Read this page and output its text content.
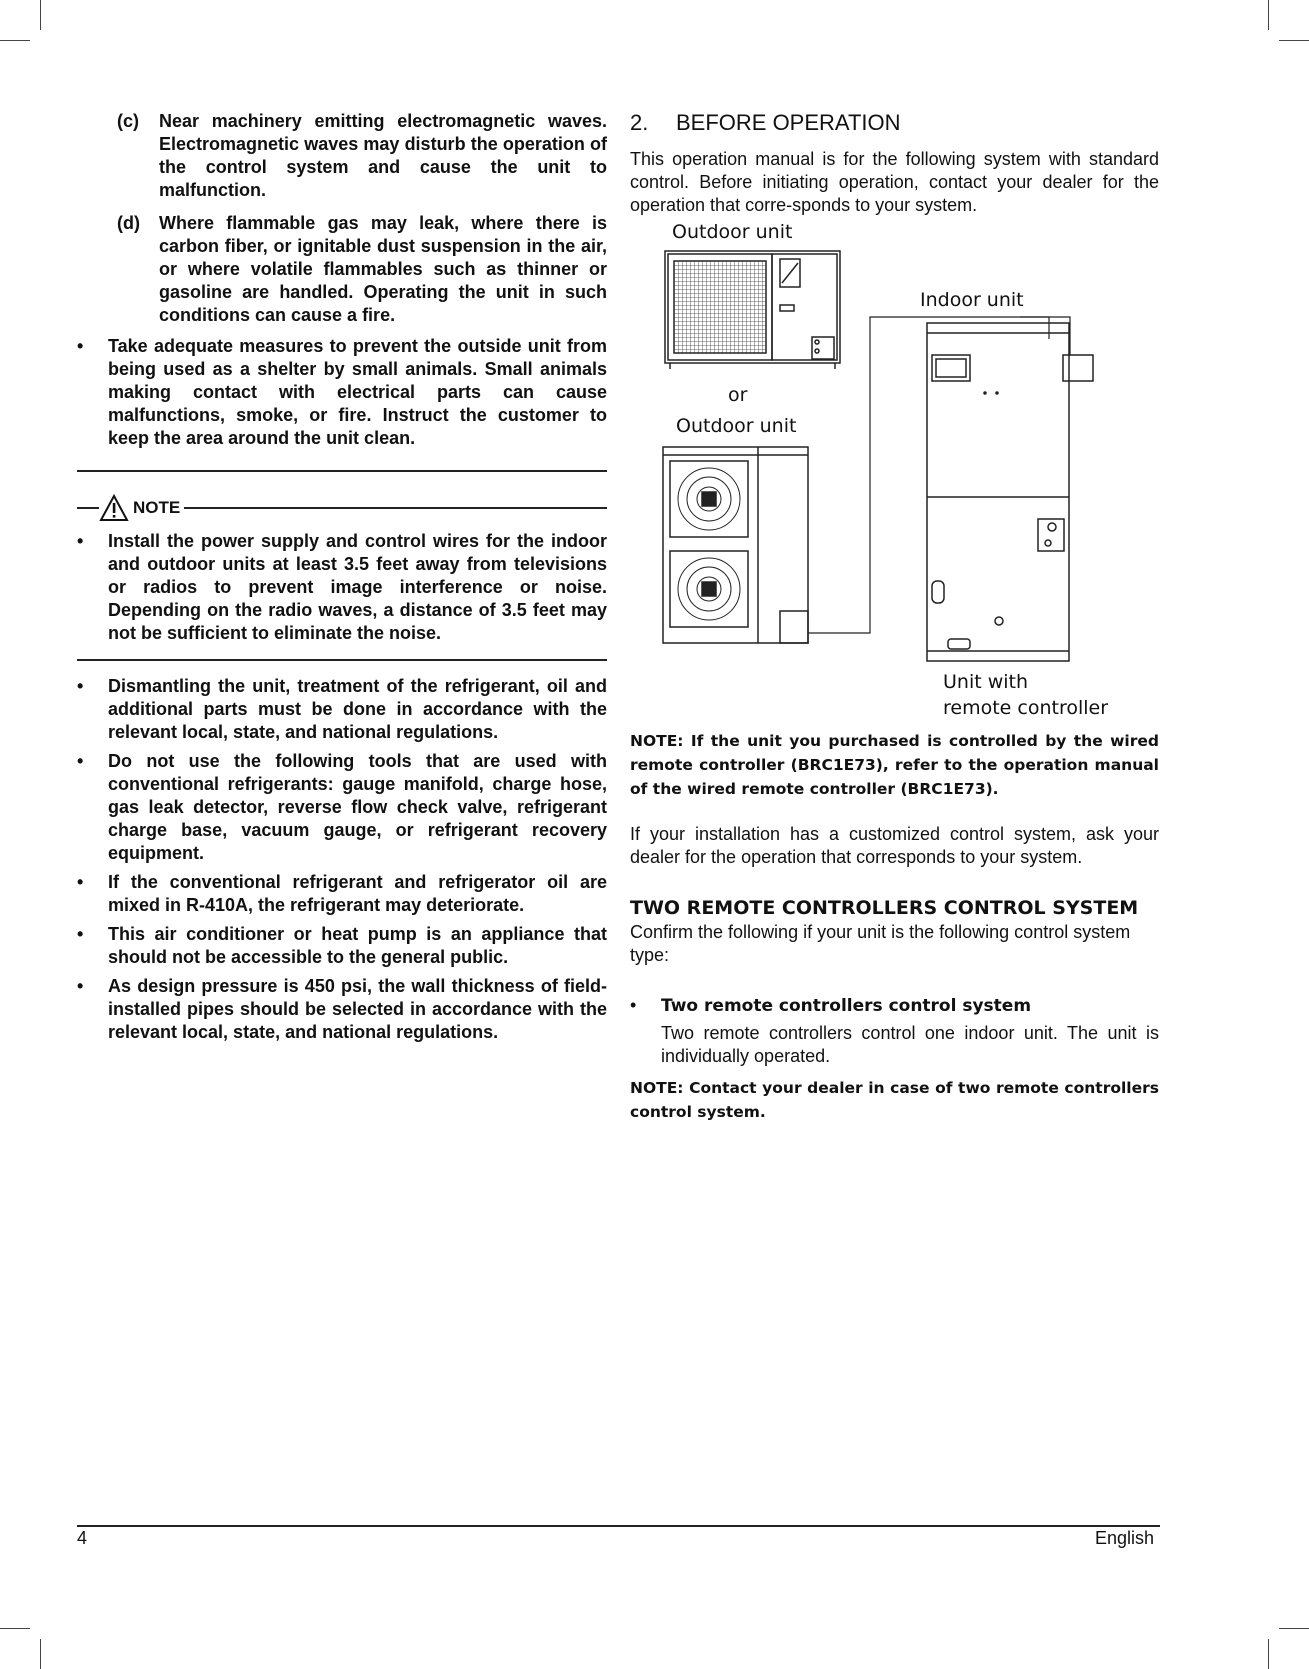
(c)	Near machinery emitting electromagnetic waves. Electromagnetic waves may disturb the operation of the control system and cause the unit to malfunction.
(d)	Where flammable gas may leak, where there is carbon fiber, or ignitable dust suspension in the air, or where volatile flammables such as thinner or gasoline are handled. Operating the unit in such conditions can cause a fire.
•	Take adequate measures to prevent the outside unit from being used as a shelter by small animals. Small animals making contact with electrical parts can cause malfunctions, smoke, or fire. Instruct the customer to keep the area around the unit clean.
NOTE
•	Install the power supply and control wires for the indoor and outdoor units at least 3.5 feet away from televisions or radios to prevent image interference or noise. Depending on the radio waves, a distance of 3.5 feet may not be sufficient to eliminate the noise.
•	Dismantling the unit, treatment of the refrigerant, oil and additional parts must be done in accordance with the relevant local, state, and national regulations.
•	Do not use the following tools that are used with conventional refrigerants: gauge manifold, charge hose, gas leak detector, reverse flow check valve, refrigerant charge base, vacuum gauge, or refrigerant recovery equipment.
•	If the conventional refrigerant and refrigerator oil are mixed in R-410A, the refrigerant may deteriorate.
•	This air conditioner or heat pump is an appliance that should not be accessible to the general public.
•	As design pressure is 450 psi, the wall thickness of field-installed pipes should be selected in accordance with the relevant local, state, and national regulations.
2.	BEFORE OPERATION

This operation manual is for the following system with standard control. Before initiating operation, contact your dealer for the operation that corre-sponds to your system.

Outdoor unit
or
Outdoor unit
Indoor unit
Unit with
remote controller

NOTE: If the unit you purchased is controlled by the wired remote controller (BRC1E73), refer to the operation manual of the wired remote controller (BRC1E73).

If your installation has a customized control system, ask your dealer for the operation that corresponds to your system.

TWO REMOTE CONTROLLERS CONTROL SYSTEM

Confirm the following if your unit is the following control system type:

•	Two remote controllers control system
Two remote controllers control one indoor unit. The unit is individually operated.

NOTE: Contact your dealer in case of two remote controllers control system.

4	English
